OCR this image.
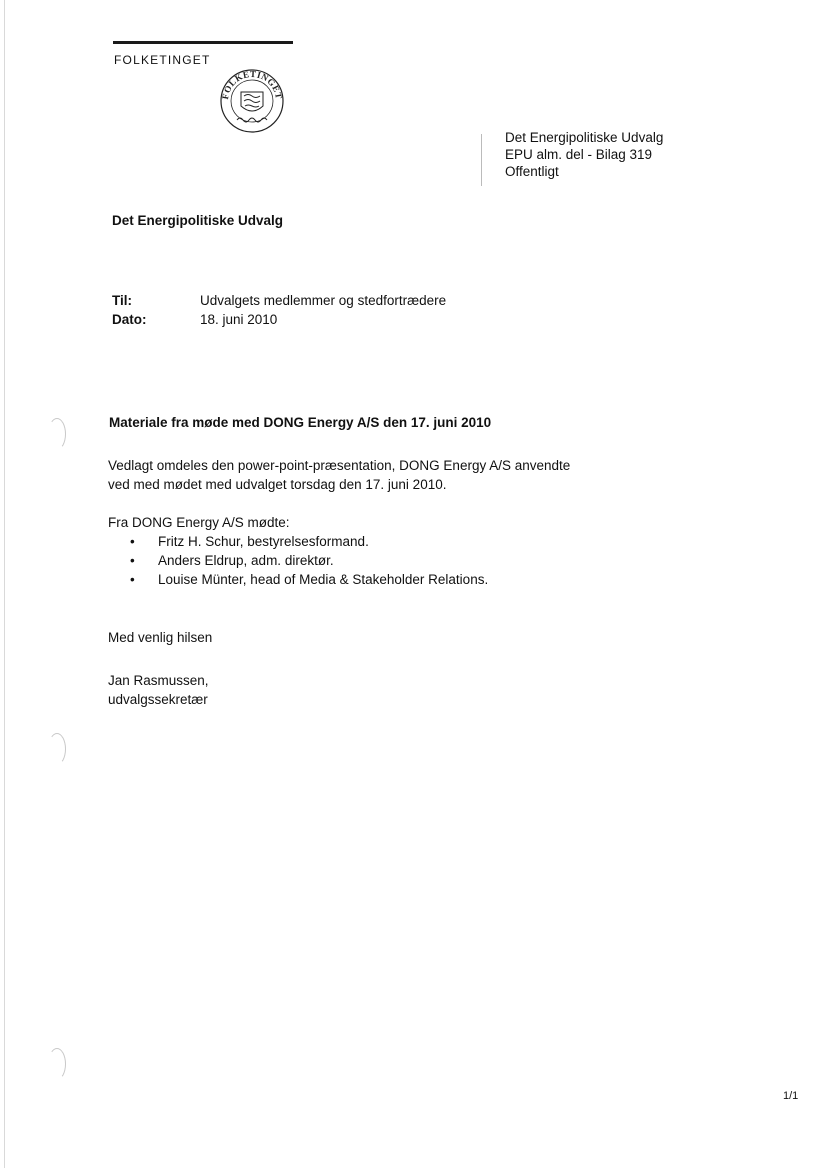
FOLKETINGET
FOLKETINGET
Det Energipolitiske Udvalg
EPU alm. del - Bilag 319
Offentligt
Det Energipolitiske Udvalg
Til:	Udvalgets medlemmer og stedfortrædere
Dato:	18. juni 2010
Materiale fra møde med DONG Energy A/S den 17. juni 2010
Vedlagt omdeles den power-point-præsentation, DONG Energy A/S anvendte
ved med mødet med udvalget torsdag den 17. juni 2010.
Fra DONG Energy A/S mødte:
• Fritz H. Schur, bestyrelsesformand.
• Anders Eldrup, adm. direktør.
• Louise Münter, head of Media & Stakeholder Relations.
Med venlig hilsen
Jan Rasmussen,
udvalgssekretær
1/1
